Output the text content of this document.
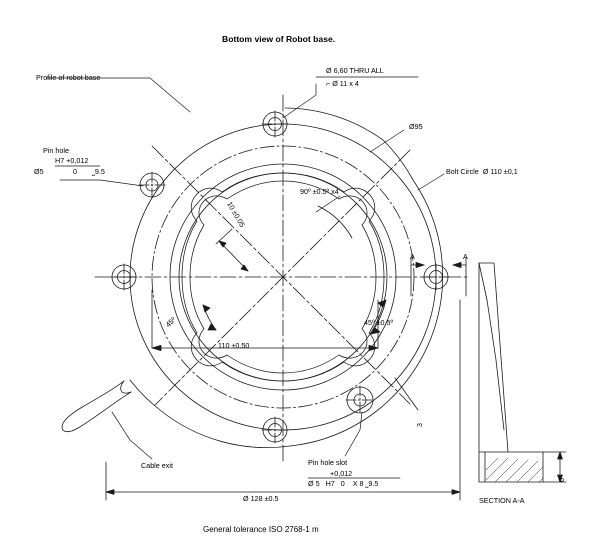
Bottom view of Robot base.
Profile of robot base
Ø 6,60 THRU ALL
⌐ Ø 11 x 4
Ø95
Bolt Circle  Ø 110 ±0,1
Pin hole
H7 +0,012
Ø5	0 ⎵9.5
10 ±0.05
90º ±0.5º x4
45º ±0.5º
45º
110 ±0.50
3
6
Cable exit	Pin hole slot
+0,012
Ø 5   H7   0    X 8 ⎵9.5
Ø 128 ±0.5
A	A
SECTION A-A
General tolerance ISO 2768-1 m
